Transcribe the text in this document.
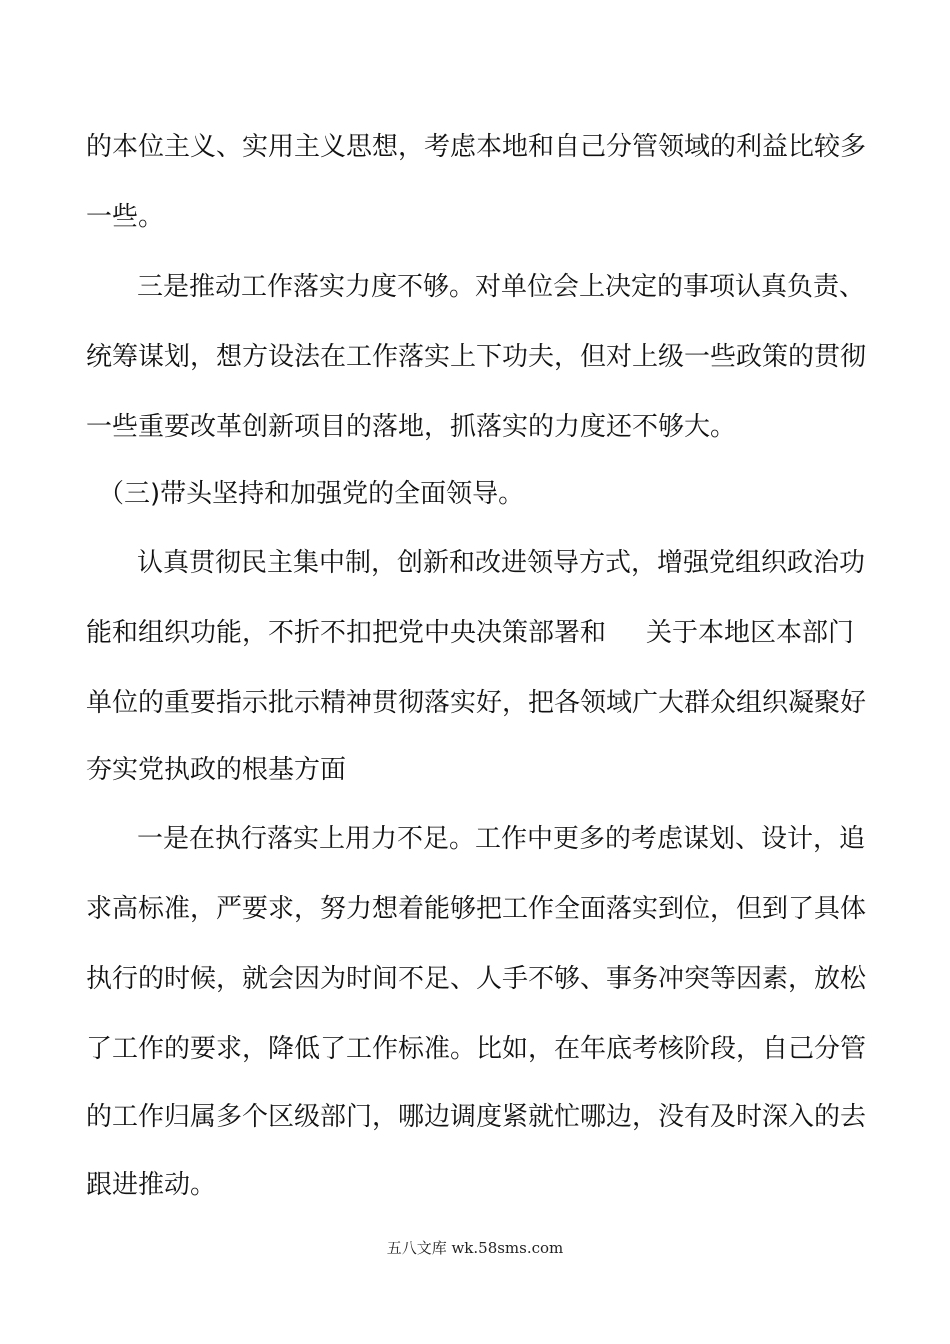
的本位主义、实用主义思想，考虑本地和自己分管领域的利益比较多
一些。
三是推动工作落实力度不够。对单位会上决定的事项认真负责、
统筹谋划，想方设法在工作落实上下功夫，但对上级一些政策的贯彻
一些重要改革创新项目的落地，抓落实的力度还不够大。
（三)带头坚持和加强党的全面领导。
认真贯彻民主集中制，创新和改进领导方式，增强党组织政治功
能和组织功能，不折不扣把党中央决策部署和 关于本地区本部门
单位的重要指示批示精神贯彻落实好，把各领域广大群众组织凝聚好
夯实党执政的根基方面
一是在执行落实上用力不足。工作中更多的考虑谋划、设计，追
求高标准，严要求，努力想着能够把工作全面落实到位，但到了具体
执行的时候，就会因为时间不足、人手不够、事务冲突等因素，放松
了工作的要求，降低了工作标准。比如，在年底考核阶段，自己分管
的工作归属多个区级部门，哪边调度紧就忙哪边，没有及时深入的去
跟进推动。
五八文库 wk.58sms.com
